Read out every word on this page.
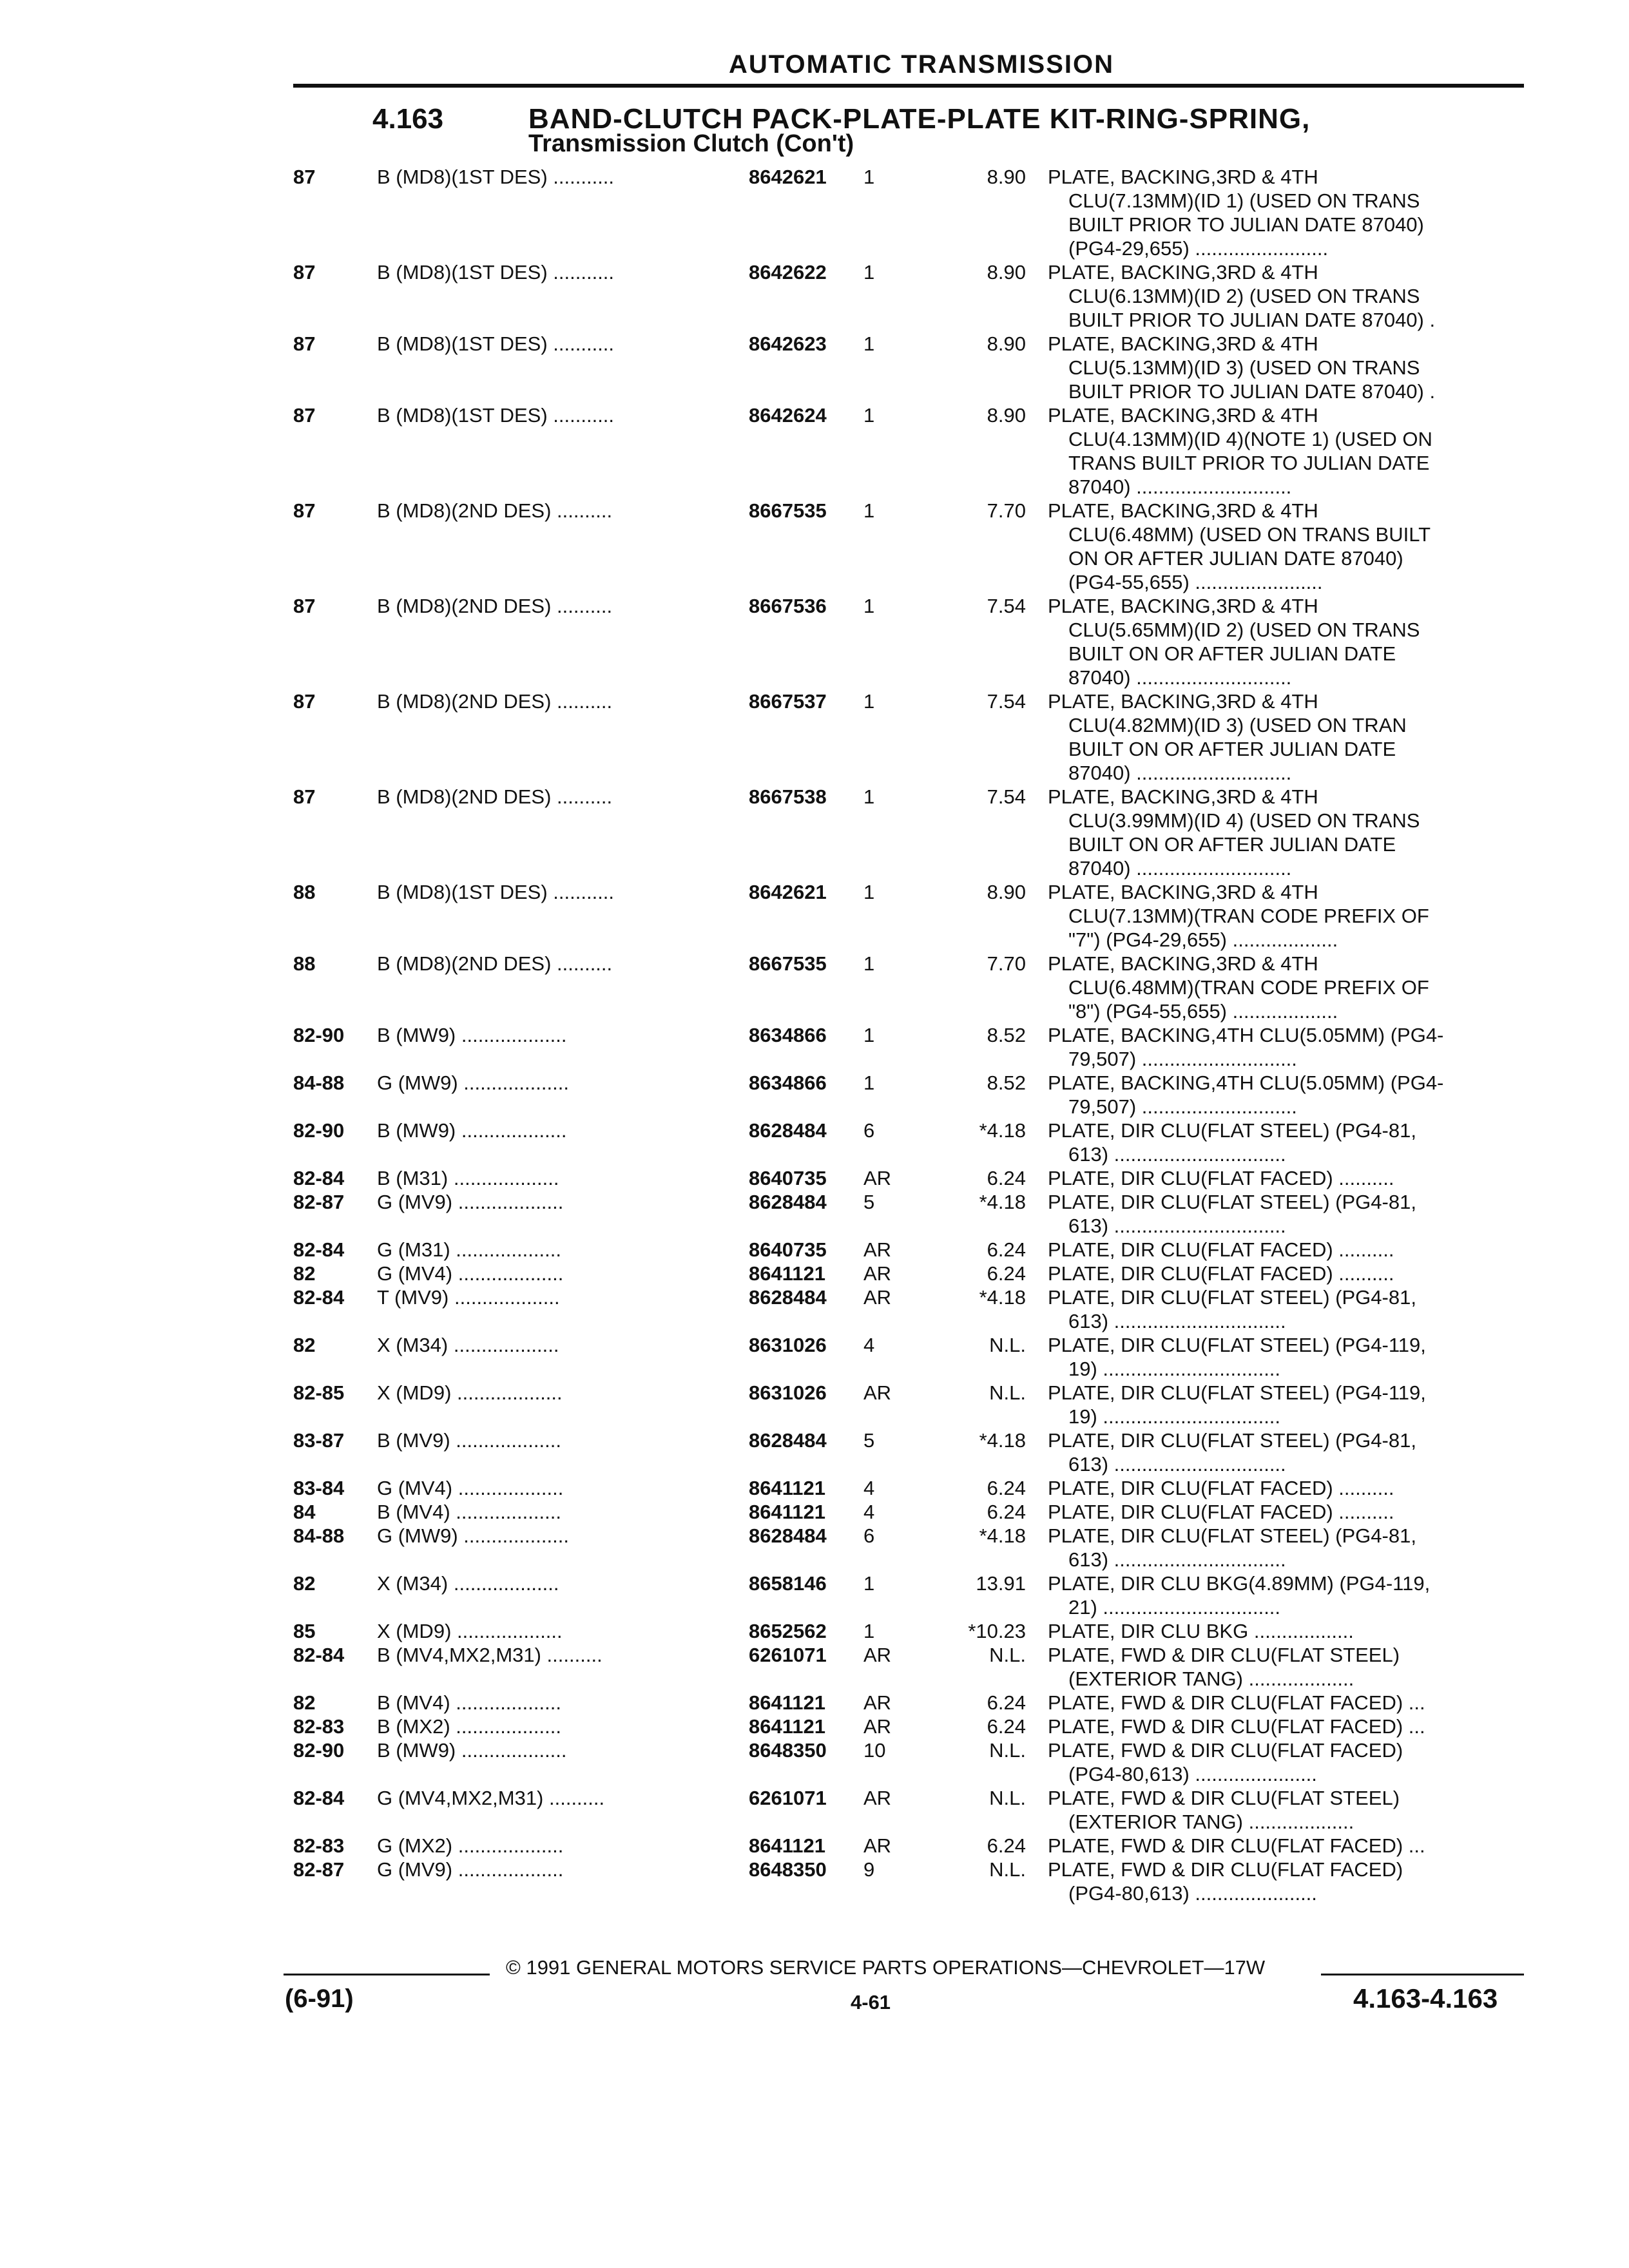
AUTOMATIC TRANSMISSION
4.163	BAND-CLUTCH PACK-PLATE-PLATE KIT-RING-SPRING,
Transmission Clutch (Con't)
87	B (MD8)(1ST DES) ...........	8642621 1	8.90 PLATE, BACKING,3RD & 4TH
CLU(7.13MM)(ID 1) (USED ON TRANS
BUILT PRIOR TO JULIAN DATE 87040)
(PG4-29,655) ........................
87	B (MD8)(1ST DES) ...........	8642622 1	8.90 PLATE, BACKING,3RD & 4TH
CLU(6.13MM)(ID 2) (USED ON TRANS
BUILT PRIOR TO JULIAN DATE 87040) .
87	B (MD8)(1ST DES) ...........	8642623 1	8.90 PLATE, BACKING,3RD & 4TH
CLU(5.13MM)(ID 3) (USED ON TRANS
BUILT PRIOR TO JULIAN DATE 87040) .
87	B (MD8)(1ST DES) ...........	8642624 1	8.90 PLATE, BACKING,3RD & 4TH
CLU(4.13MM)(ID 4)(NOTE 1) (USED ON
TRANS BUILT PRIOR TO JULIAN DATE
87040) ............................
87	B (MD8)(2ND DES) ..........	8667535 1	7.70 PLATE, BACKING,3RD & 4TH
CLU(6.48MM) (USED ON TRANS BUILT
ON OR AFTER JULIAN DATE 87040)
(PG4-55,655) .......................
87	B (MD8)(2ND DES) ..........	8667536 1	7.54 PLATE, BACKING,3RD & 4TH
CLU(5.65MM)(ID 2) (USED ON TRANS
BUILT ON OR AFTER JULIAN DATE
87040) ............................
87	B (MD8)(2ND DES) ..........	8667537 1	7.54 PLATE, BACKING,3RD & 4TH
CLU(4.82MM)(ID 3) (USED ON TRAN
BUILT ON OR AFTER JULIAN DATE
87040) ............................
87	B (MD8)(2ND DES) ..........	8667538 1	7.54 PLATE, BACKING,3RD & 4TH
CLU(3.99MM)(ID 4) (USED ON TRANS
BUILT ON OR AFTER JULIAN DATE
87040) ............................
88	B (MD8)(1ST DES) ...........	8642621 1	8.90 PLATE, BACKING,3RD & 4TH
CLU(7.13MM)(TRAN CODE PREFIX OF
"7") (PG4-29,655) ...................
88	B (MD8)(2ND DES) ..........	8667535 1	7.70 PLATE, BACKING,3RD & 4TH
CLU(6.48MM)(TRAN CODE PREFIX OF
"8") (PG4-55,655) ...................
82-90 B (MW9) ...................	8634866 1	8.52 PLATE, BACKING,4TH CLU(5.05MM) (PG4-
79,507) ............................
84-88 G (MW9) ...................	8634866 1	8.52 PLATE, BACKING,4TH CLU(5.05MM) (PG4-
79,507) ............................
82-90 B (MW9) ...................	8628484 6	*4.18 PLATE, DIR CLU(FLAT STEEL) (PG4-81,
613) ...............................
82-84 B (M31) ...................	8640735 AR	6.24 PLATE, DIR CLU(FLAT FACED) ..........
82-87 G (MV9) ...................	8628484 5	*4.18 PLATE, DIR CLU(FLAT STEEL) (PG4-81,
613) ...............................
82-84 G (M31) ...................	8640735 AR	6.24 PLATE, DIR CLU(FLAT FACED) ..........
82	G (MV4) ...................	8641121 AR	6.24 PLATE, DIR CLU(FLAT FACED) ..........
82-84 T (MV9) ...................	8628484 AR	*4.18 PLATE, DIR CLU(FLAT STEEL) (PG4-81,
613) ...............................
82	X (M34) ...................	8631026 4	N.L. PLATE, DIR CLU(FLAT STEEL) (PG4-119,
19) ................................
82-85 X (MD9) ...................	8631026 AR	N.L. PLATE, DIR CLU(FLAT STEEL) (PG4-119,
19) ................................
83-87 B (MV9) ...................	8628484 5	*4.18 PLATE, DIR CLU(FLAT STEEL) (PG4-81,
613) ...............................
83-84 G (MV4) ...................	8641121 4	6.24 PLATE, DIR CLU(FLAT FACED) ..........
84	B (MV4) ...................	8641121 4	6.24 PLATE, DIR CLU(FLAT FACED) ..........
84-88 G (MW9) ...................	8628484 6	*4.18 PLATE, DIR CLU(FLAT STEEL) (PG4-81,
613) ...............................
82	X (M34) ...................	8658146 1	13.91 PLATE, DIR CLU BKG(4.89MM) (PG4-119,
21) ................................
85	X (MD9) ...................	8652562 1	*10.23 PLATE, DIR CLU BKG ..................
82-84 B (MV4,MX2,M31) ..........	6261071 AR	N.L. PLATE, FWD & DIR CLU(FLAT STEEL)
(EXTERIOR TANG) ...................
82	B (MV4) ...................	8641121 AR	6.24 PLATE, FWD & DIR CLU(FLAT FACED) ...
82-83 B (MX2) ...................	8641121 AR	6.24 PLATE, FWD & DIR CLU(FLAT FACED) ...
82-90 B (MW9) ...................	8648350 10	N.L. PLATE, FWD & DIR CLU(FLAT FACED)
(PG4-80,613) ......................
82-84 G (MV4,MX2,M31) ..........	6261071 AR	N.L. PLATE, FWD & DIR CLU(FLAT STEEL)
(EXTERIOR TANG) ...................
82-83 G (MX2) ...................	8641121 AR	6.24 PLATE, FWD & DIR CLU(FLAT FACED) ...
82-87 G (MV9) ...................	8648350 9	N.L. PLATE, FWD & DIR CLU(FLAT FACED)
(PG4-80,613) ......................
© 1991 GENERAL MOTORS SERVICE PARTS OPERATIONS—CHEVROLET—17W
(6-91)	4-61	4.163-4.163
